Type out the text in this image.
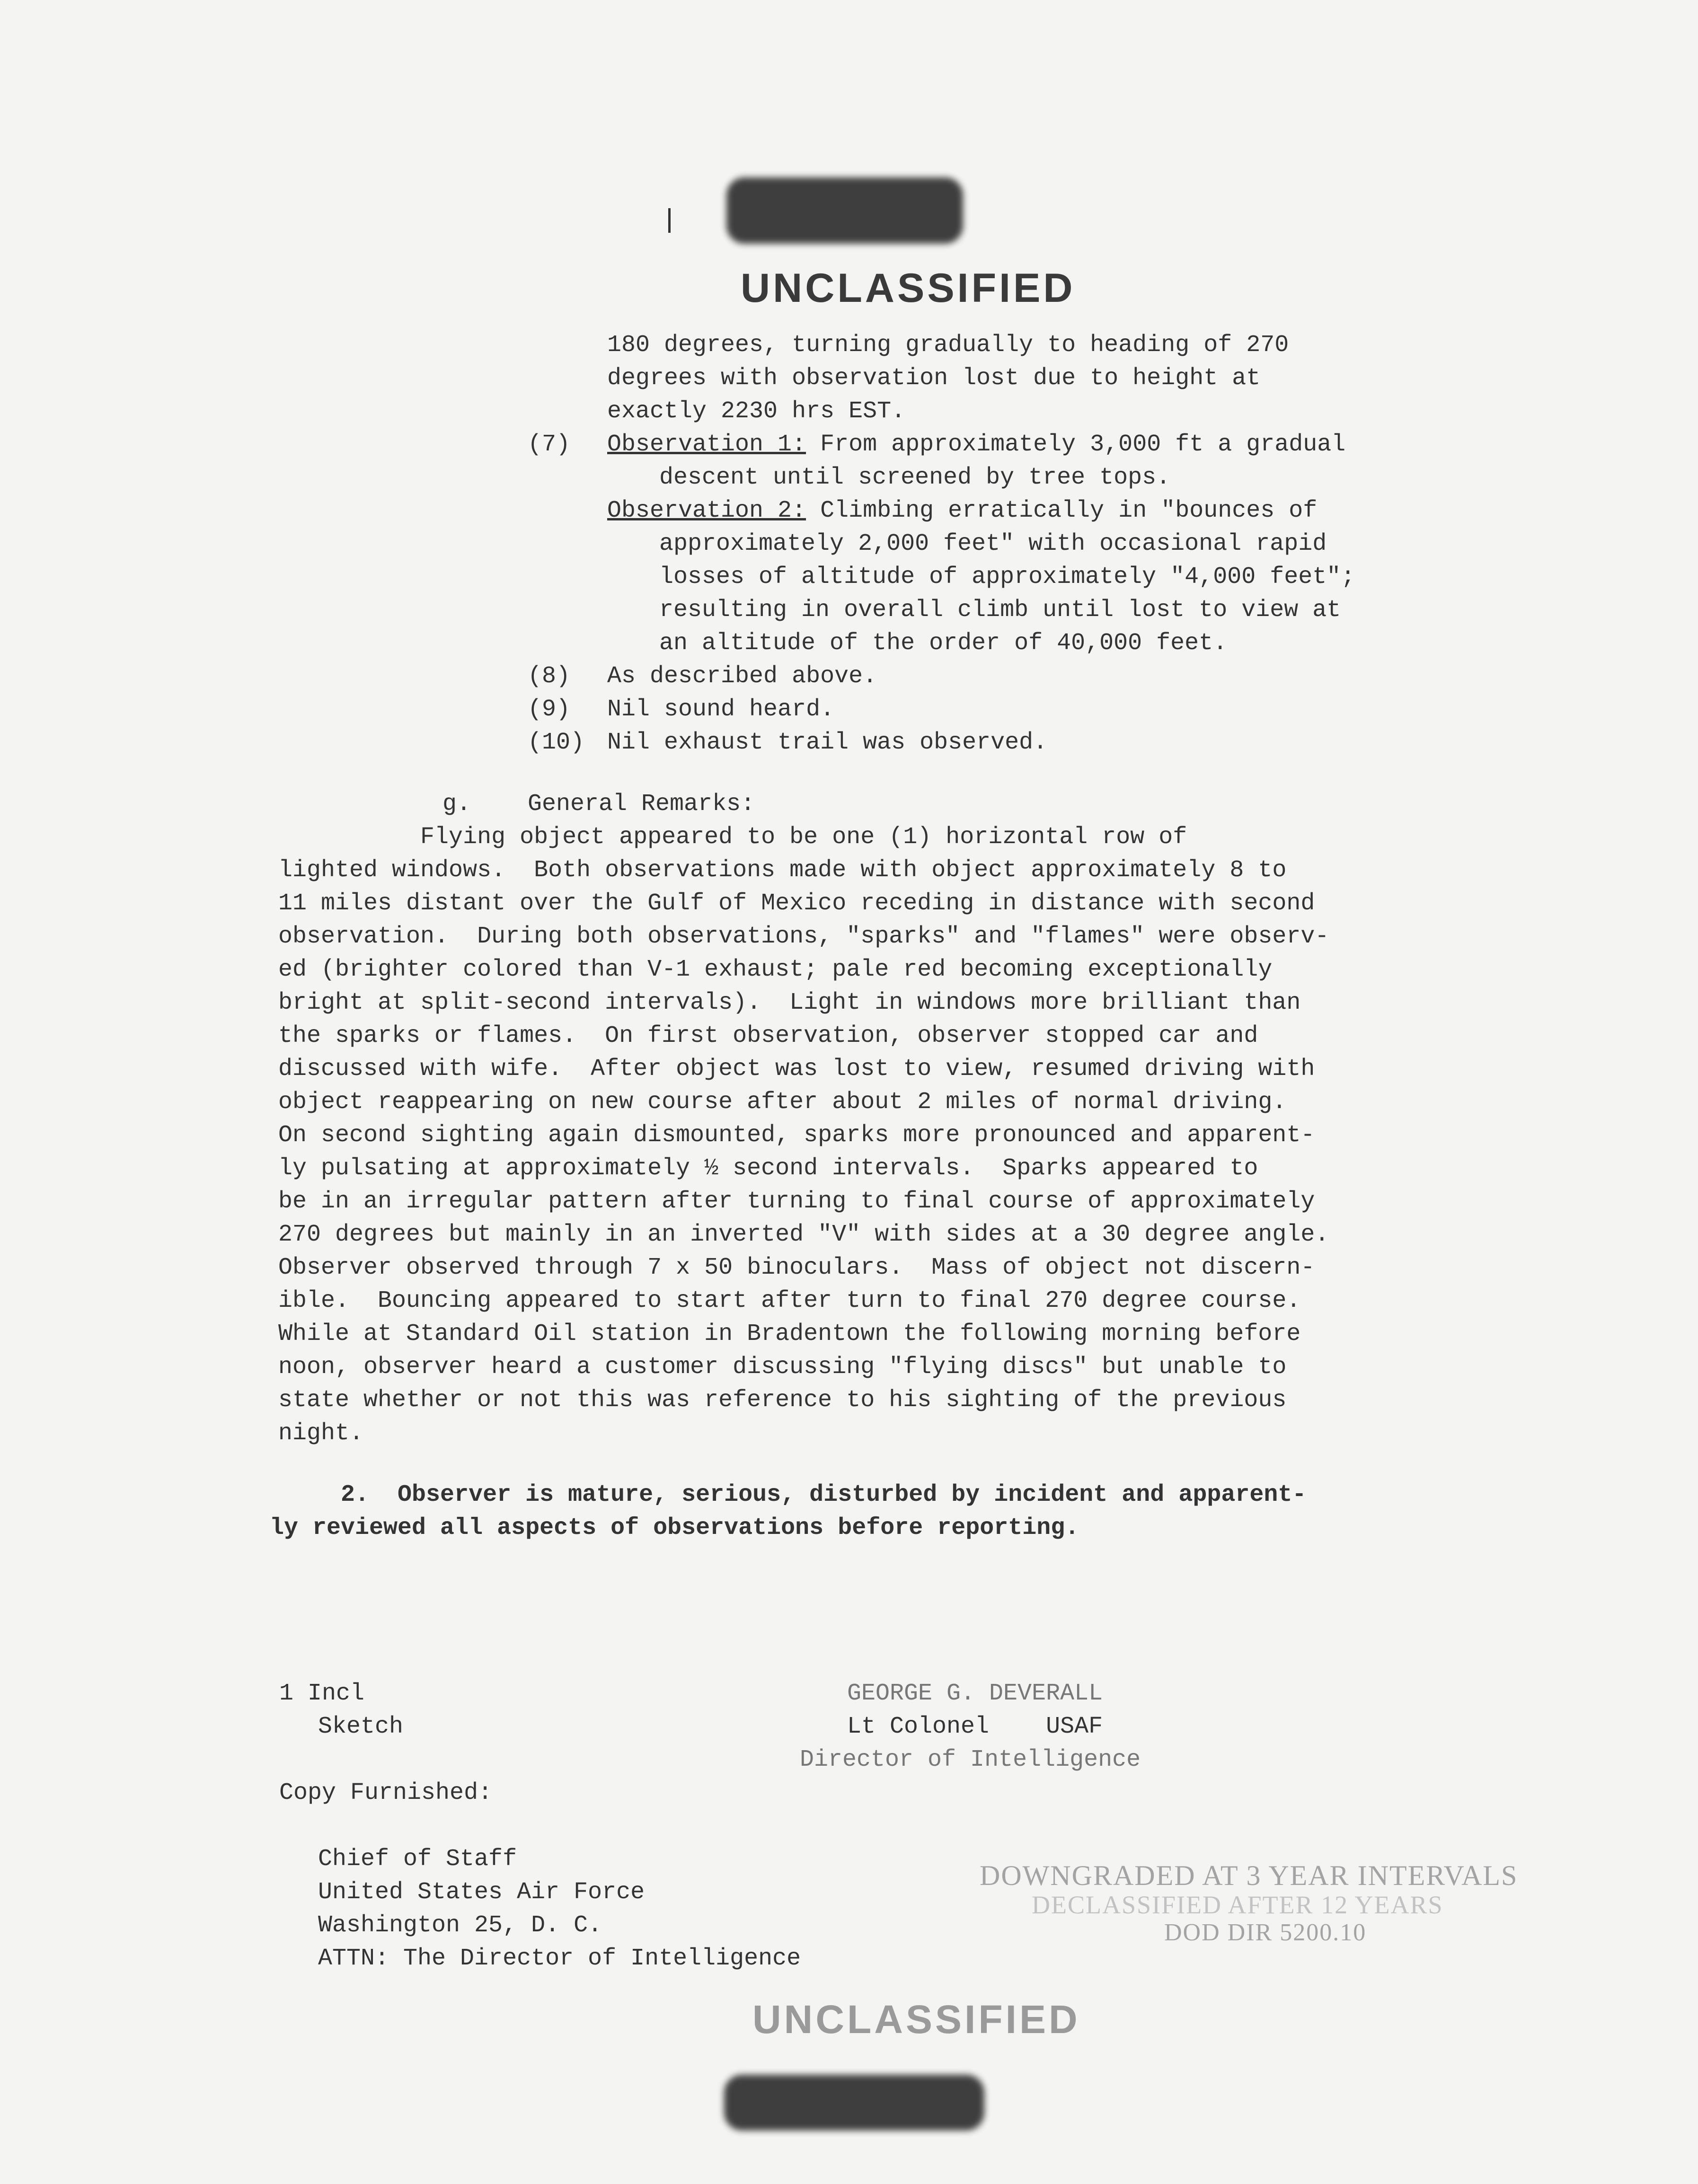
UNCLASSIFIED
180 degrees, turning gradually to heading of 270
degrees with observation lost due to height at
exactly 2230 hrs EST.
(7) Observation 1: From approximately 3,000 ft a gradual
descent until screened by tree tops.
Observation 2: Climbing erratically in "bounces of
approximately 2,000 feet" with occasional rapid
losses of altitude of approximately "4,000 feet";
resulting in overall climb until lost to view at
an altitude of the order of 40,000 feet.
(8) As described above.
(9) Nil sound heard.
(10) Nil exhaust trail was observed.
g. General Remarks:
Flying object appeared to be one (1) horizontal row of
lighted windows.  Both observations made with object approximately 8 to
11 miles distant over the Gulf of Mexico receding in distance with second
observation.  During both observations, "sparks" and "flames" were observ-
ed (brighter colored than V-1 exhaust; pale red becoming exceptionally
bright at split-second intervals).  Light in windows more brilliant than
the sparks or flames.  On first observation, observer stopped car and
discussed with wife.  After object was lost to view, resumed driving with
object reappearing on new course after about 2 miles of normal driving.
On second sighting again dismounted, sparks more pronounced and apparent-
ly pulsating at approximately ½ second intervals.  Sparks appeared to
be in an irregular pattern after turning to final course of approximately
270 degrees but mainly in an inverted "V" with sides at a 30 degree angle.
Observer observed through 7 x 50 binoculars.  Mass of object not discern-
ible.  Bouncing appeared to start after turn to final 270 degree course.
While at Standard Oil station in Bradentown the following morning before
noon, observer heard a customer discussing "flying discs" but unable to
state whether or not this was reference to his sighting of the previous
night.
2.  Observer is mature, serious, disturbed by incident and apparent-
ly reviewed all aspects of observations before reporting.
1 Incl
Sketch
GEORGE G. DEVERALL
Lt Colonel    USAF
Director of Intelligence
Copy Furnished:
Chief of Staff
United States Air Force
Washington 25, D. C.
ATTN: The Director of Intelligence
DOWNGRADED AT 3 YEAR INTERVALS
DECLASSIFIED AFTER 12 YEARS
DOD DIR 5200.10
UNCLASSIFIED
